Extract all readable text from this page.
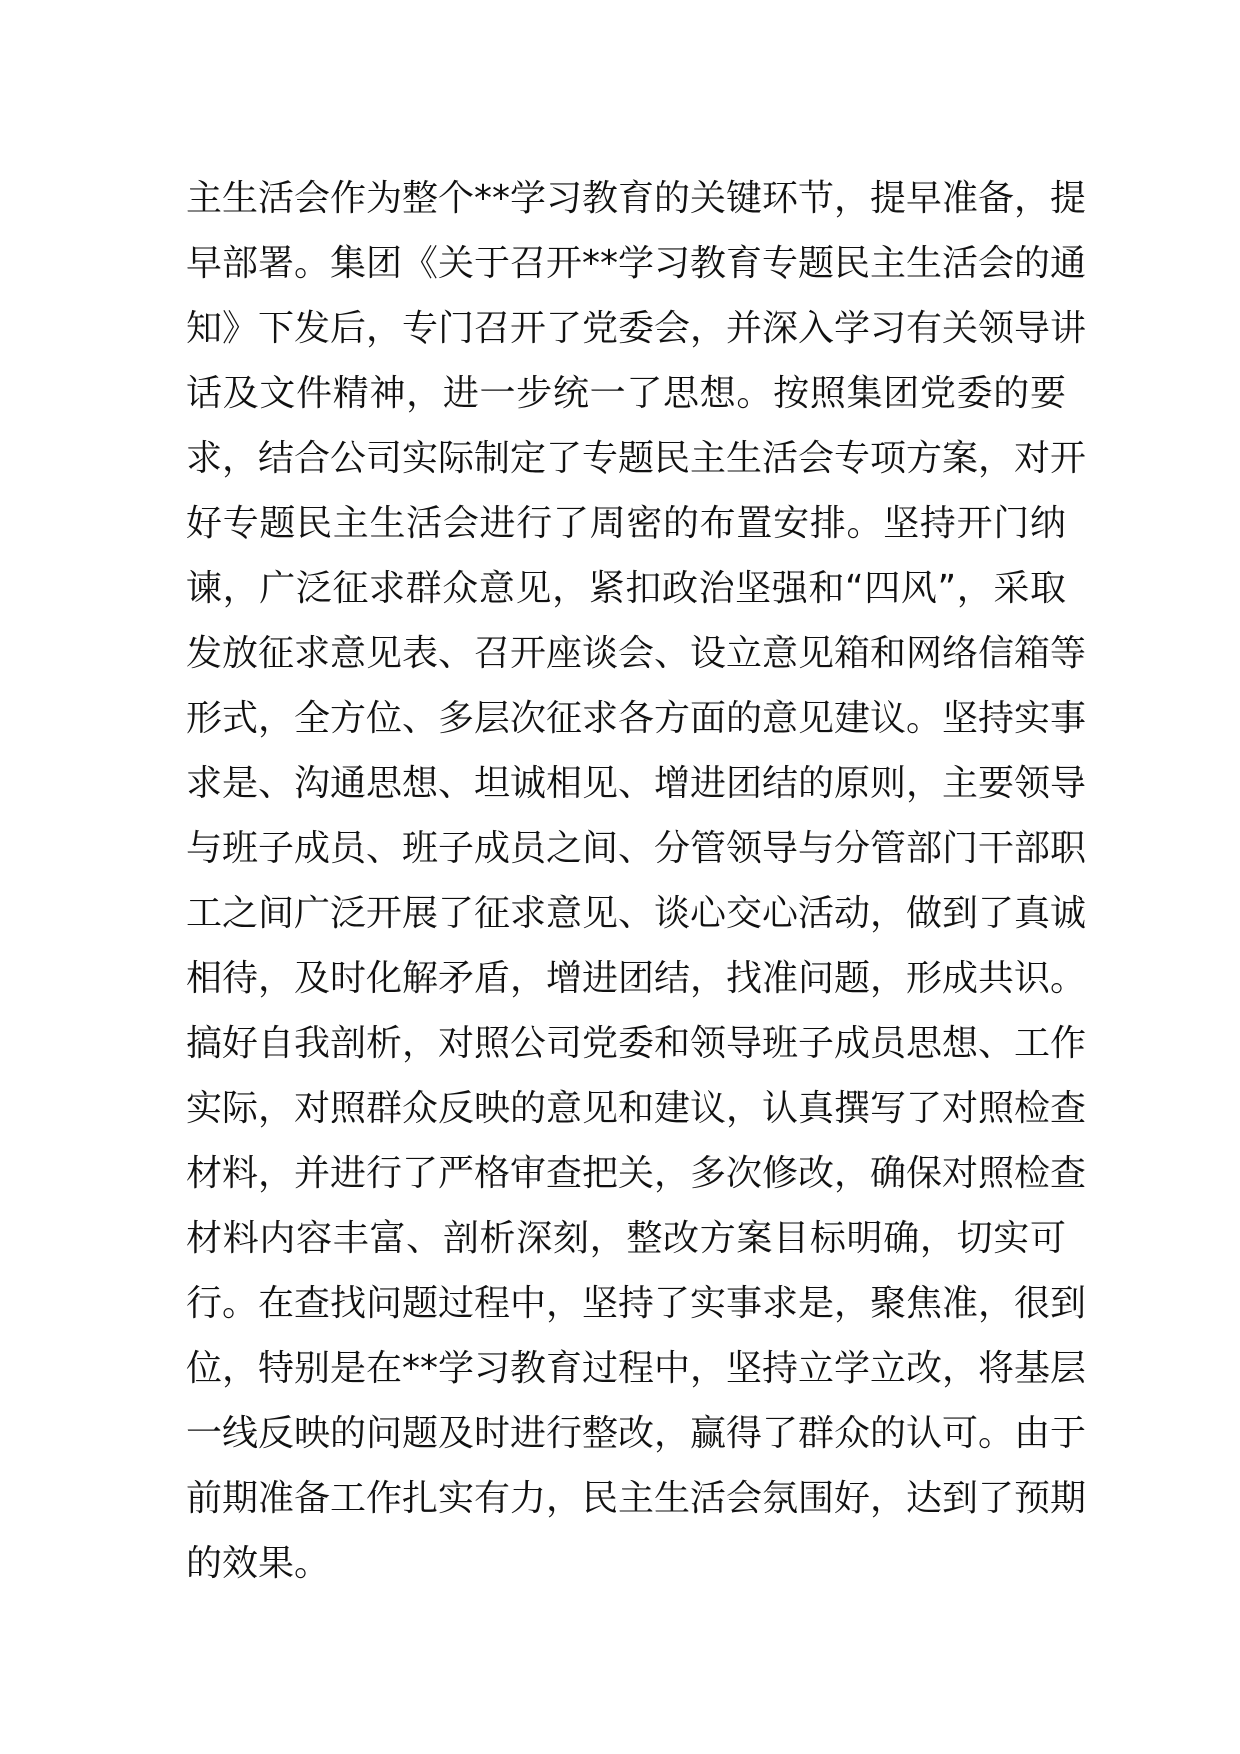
主生活会作为整个**学习教育的关键环节，提早准备，提
早部署。集团《关于召开**学习教育专题民主生活会的通
知》下发后，专门召开了党委会，并深入学习有关领导讲
话及文件精神，进一步统一了思想。按照集团党委的要
求，结合公司实际制定了专题民主生活会专项方案，对开
好专题民主生活会进行了周密的布置安排。坚持开门纳
谏，广泛征求群众意见，紧扣政治坚强和“四风”，采取
发放征求意见表、召开座谈会、设立意见箱和网络信箱等
形式，全方位、多层次征求各方面的意见建议。坚持实事
求是、沟通思想、坦诚相见、增进团结的原则，主要领导
与班子成员、班子成员之间、分管领导与分管部门干部职
工之间广泛开展了征求意见、谈心交心活动，做到了真诚
相待，及时化解矛盾，增进团结，找准问题，形成共识。
搞好自我剖析，对照公司党委和领导班子成员思想、工作
实际，对照群众反映的意见和建议，认真撰写了对照检查
材料，并进行了严格审查把关，多次修改，确保对照检查
材料内容丰富、剖析深刻，整改方案目标明确，切实可
行。在查找问题过程中，坚持了实事求是，聚焦准，很到
位，特别是在**学习教育过程中，坚持立学立改，将基层
一线反映的问题及时进行整改，赢得了群众的认可。由于
前期准备工作扎实有力，民主生活会氛围好，达到了预期
的效果。
